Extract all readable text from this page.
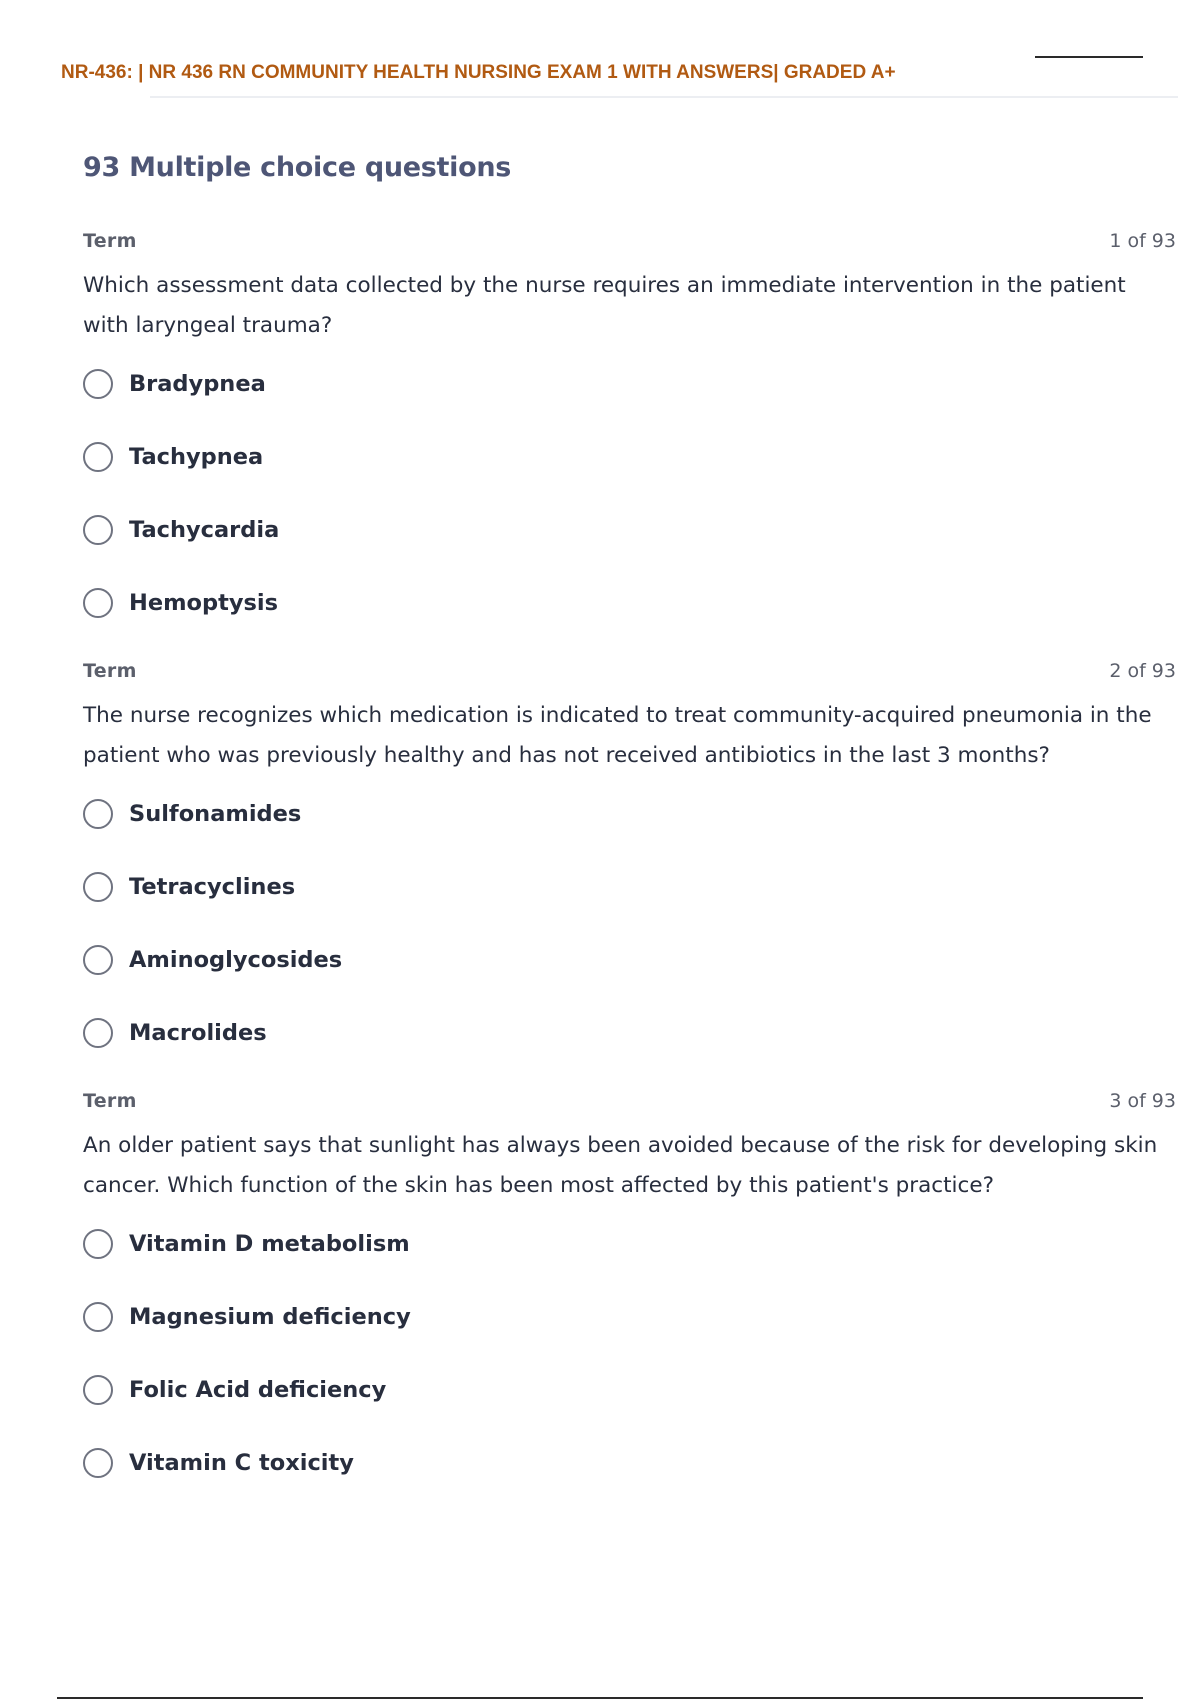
NR-436: | NR 436 RN COMMUNITY HEALTH NURSING EXAM 1 WITH ANSWERS| GRADED A+
93 Multiple choice questions
Term	1 of 93
Which assessment data collected by the nurse requires an immediate intervention in the patient with laryngeal trauma?
Bradypnea
Tachypnea
Tachycardia
Hemoptysis
Term	2 of 93
The nurse recognizes which medication is indicated to treat community-acquired pneumonia in the patient who was previously healthy and has not received antibiotics in the last 3 months?
Sulfonamides
Tetracyclines
Aminoglycosides
Macrolides
Term	3 of 93
An older patient says that sunlight has always been avoided because of the risk for developing skin cancer. Which function of the skin has been most affected by this patient's practice?
Vitamin D metabolism
Magnesium deficiency
Folic Acid deficiency
Vitamin C toxicity
